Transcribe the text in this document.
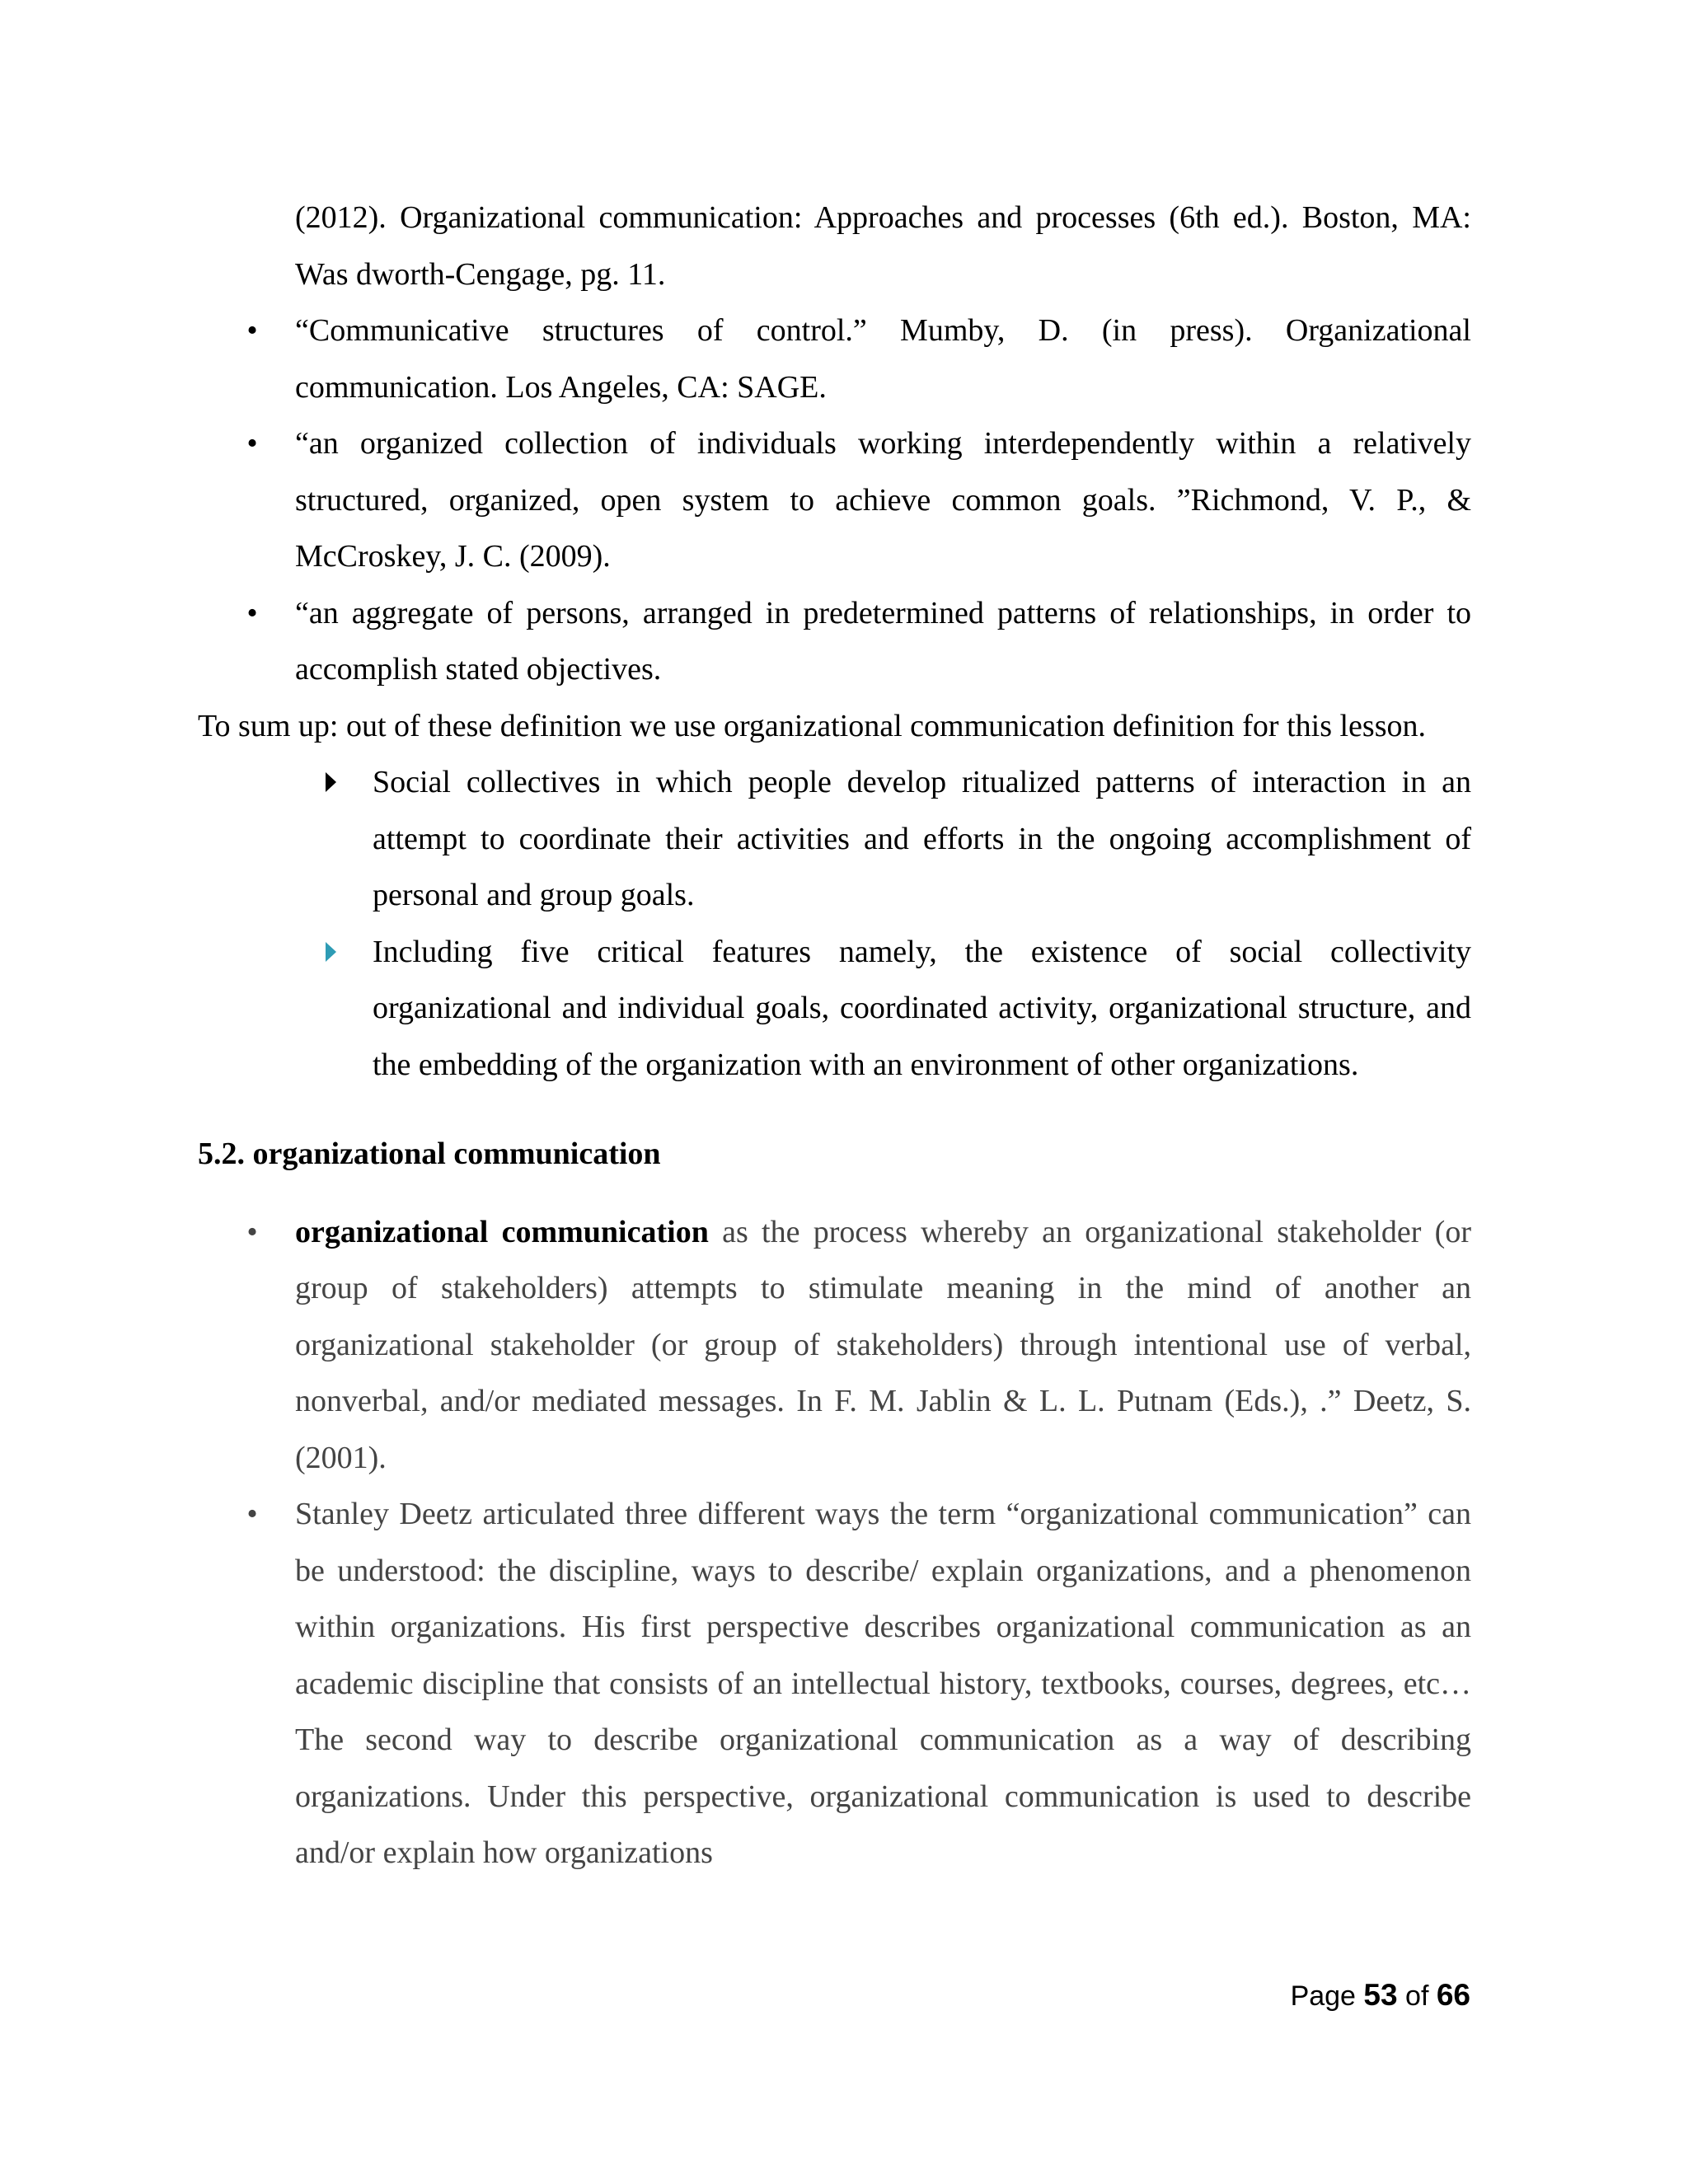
(2012). Organizational communication: Approaches and processes (6th ed.). Boston, MA: Was dworth-Cengage, pg. 11.

• “Communicative structures of control.” Mumby, D. (in press). Organizational communication. Los Angeles, CA: SAGE.
• “an organized collection of individuals working interdependently within a relatively structured, organized, open system to achieve common goals. ”Richmond, V. P., & McCroskey, J. C. (2009).
• “an aggregate of persons, arranged in predetermined patterns of relationships, in order to accomplish stated objectives.

To sum up: out of these definition we use organizational communication definition for this lesson.

Social collectives in which people develop ritualized patterns of interaction in an attempt to coordinate their activities and efforts in the ongoing accomplishment of personal and group goals.
Including five critical features namely, the existence of social collectivity organizational and individual goals, coordinated activity, organizational structure, and the embedding of the organization with an environment of other organizations.

5.2. organizational communication

• organizational communication as the process whereby an organizational stakeholder (or group of stakeholders) attempts to stimulate meaning in the mind of another an organizational stakeholder (or group of stakeholders) through intentional use of verbal, nonverbal, and/or mediated messages. In F. M. Jablin & L. L. Putnam (Eds.), .” Deetz, S. (2001).
• Stanley Deetz articulated three different ways the term “organizational communication” can be understood: the discipline, ways to describe/ explain organizations, and a phenomenon within organizations. His first perspective describes organizational communication as an academic discipline that consists of an intellectual history, textbooks, courses, degrees, etc… The second way to describe organizational communication as a way of describing organizations. Under this perspective, organizational communication is used to describe and/or explain how organizations
Page 53 of 66
